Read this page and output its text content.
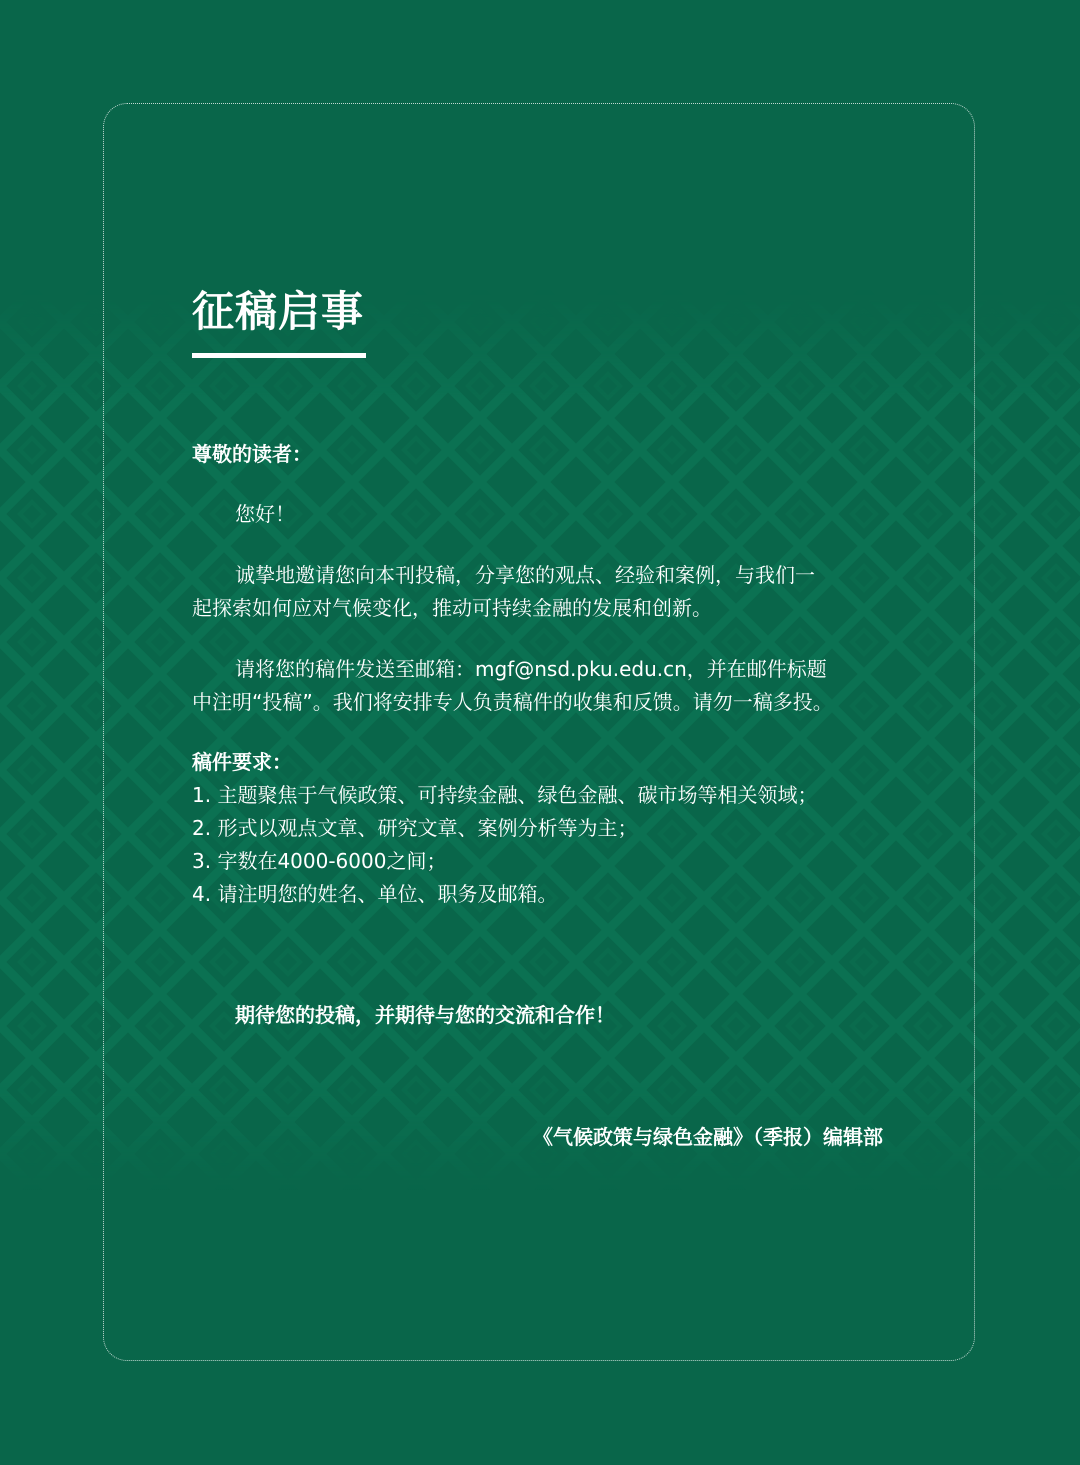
征稿启事

尊敬的读者：

您好！

诚挚地邀请您向本刊投稿，分享您的观点、经验和案例，与我们一

起探索如何应对气候变化，推动可持续金融的发展和创新。

请将您的稿件发送至邮箱：mgf@nsd.pku.edu.cn，并在邮件标题

中注明“投稿”。我们将安排专人负责稿件的收集和反馈。请勿一稿多投。

稿件要求：

1. 主题聚焦于气候政策、可持续金融、绿色金融、碳市场等相关领域；

2. 形式以观点文章、研究文章、案例分析等为主；

3. 字数在4000-6000之间；

4. 请注明您的姓名、单位、职务及邮箱。

期待您的投稿，并期待与您的交流和合作！

《气候政策与绿色金融》（季报）编辑部
